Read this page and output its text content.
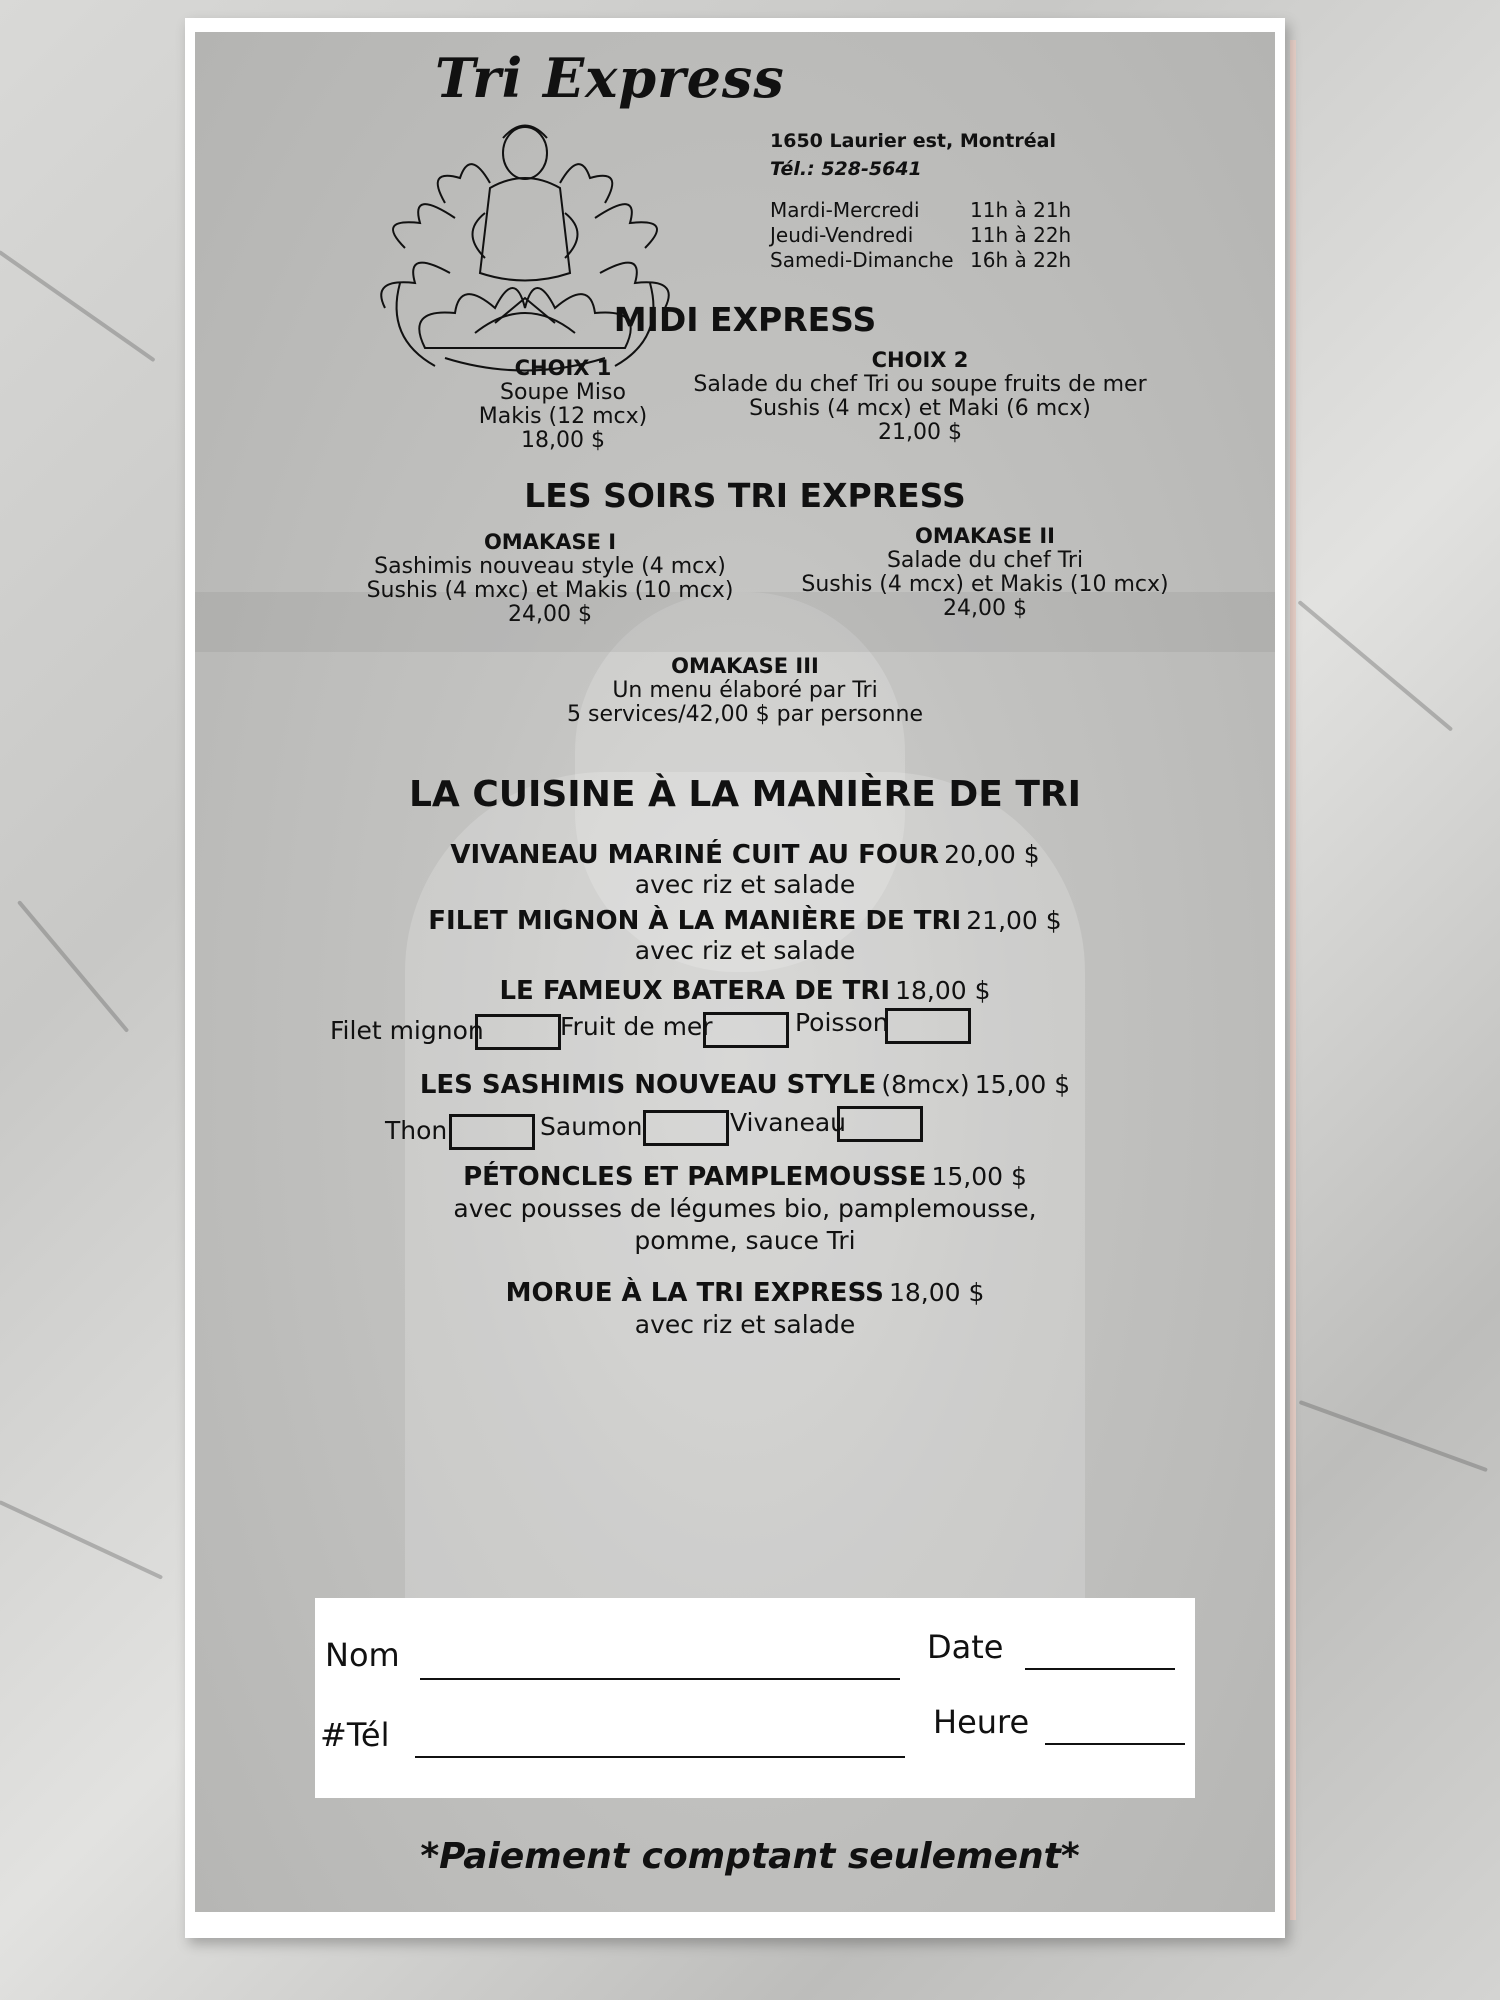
Tri Express
1650 Laurier est, Montréal
Tél.: 528-5641
Mardi-Mercredi	11h à 21h
Jeudi-Vendredi	11h à 22h
Samedi-Dimanche 16h à 22h
MIDI EXPRESS
CHOIX 1
Soupe Miso
Makis (12 mcx)
18,00 $
CHOIX 2
Salade du chef Tri ou soupe fruits de mer
Sushis (4 mcx) et Maki (6 mcx)
21,00 $
LES SOIRS TRI EXPRESS
OMAKASE I
Sashimis nouveau style (4 mcx)
Sushis (4 mxc) et Makis (10 mcx)
24,00 $
OMAKASE II
Salade du chef Tri
Sushis (4 mcx) et Makis (10 mcx)
24,00 $
OMAKASE III
Un menu élaboré par Tri
5 services/42,00 $ par personne
LA CUISINE À LA MANIÈRE DE TRI
VIVANEAU MARINÉ CUIT AU FOUR 20,00 $
avec riz et salade
FILET MIGNON À LA MANIÈRE DE TRI 21,00 $
avec riz et salade
LE FAMEUX BATERA DE TRI 18,00 $
Filet mignon	Fruit de mer	Poisson
LES SASHIMIS NOUVEAU STYLE (8mcx) 15,00 $
Thon	Saumon	Vivaneau
PÉTONCLES ET PAMPLEMOUSSE 15,00 $
avec pousses de légumes bio, pamplemousse,
pomme, sauce Tri
MORUE À LA TRI EXPRESS 18,00 $
avec riz et salade
Nom	Date
#Tél	Heure
*Paiement comptant seulement*
